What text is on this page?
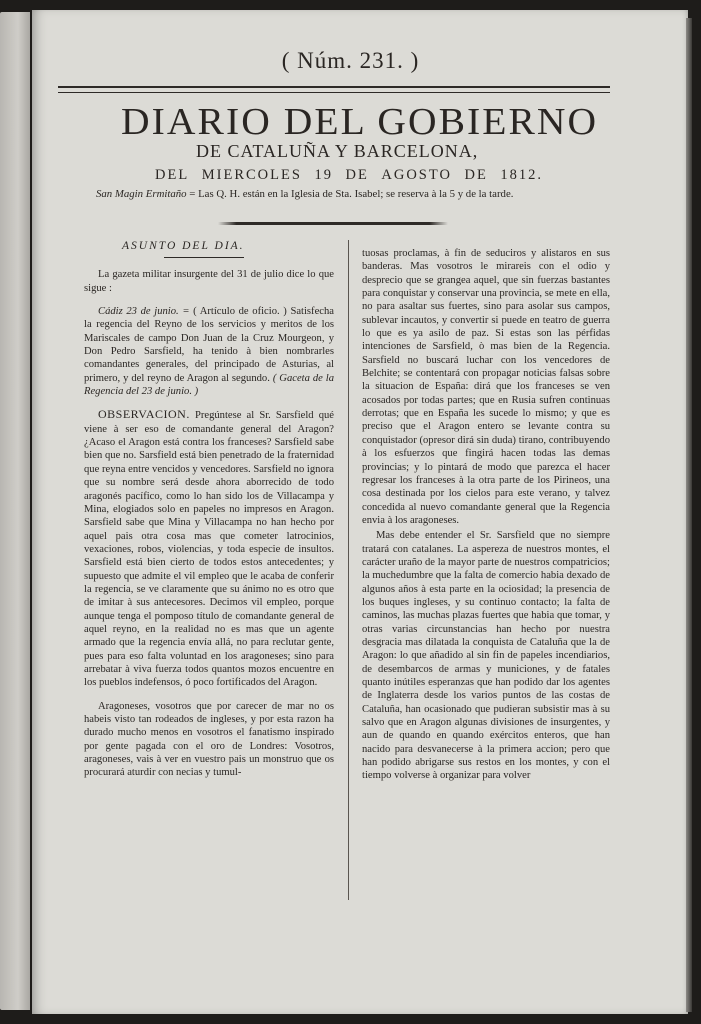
( Núm. 231. )
DIARIO DEL GOBIERNO
DE CATALUÑA Y BARCELONA,
DEL MIERCOLES 19 DE AGOSTO DE 1812.
San Magin Ermitaño = Las Q. H. están en la Iglesia de Sta. Isabel; se reserva à la 5 y de la tarde.
ASUNTO DEL DIA.

La gazeta militar insurgente del 31 de julio dice lo que sigue :

Cádiz 23 de junio. = ( Artículo de oficio. ) Satisfecha la regencia del Reyno de los servicios y meritos de los Mariscales de campo Don Juan de la Cruz Mourgeon, y Don Pedro Sarsfield, ha tenido à bien nombrarles comandantes generales, del principado de Asturias, al primero, y del reyno de Aragon al segundo. ( Gaceta de la Regencia del 23 de junio. )

OBSERVACION. Pregúntese al Sr. Sarsfield qué viene à ser eso de comandante general del Aragon? ¿Acaso el Aragon está contra los franceses? Sarsfield sabe bien que no. Sarsfield está bien penetrado de la fraternidad que reyna entre vencidos y vencedores. Sarsfield no ignora que su nombre será desde ahora aborrecido de todo aragonés pacífico, como lo han sido los de Villacampa y Mina, elogiados solo en papeles no impresos en Aragon. Sarsfield sabe que Mina y Villacampa no han hecho por aquel pais otra cosa mas que cometer latrocinios, vexaciones, robos, violencias, y toda especie de insultos. Sarsfield está bien cierto de todos estos antecedentes; y supuesto que admite el vil empleo que le acaba de conferir la regencia, se ve claramente que su ánimo no es otro que de imitar à sus antecesores. Decimos vil empleo, porque aunque tenga el pomposo título de comandante general de aquel reyno, en la realidad no es mas que un agente armado que la regencia envía allá, no para reclutar gente, pues para eso falta voluntad en los aragoneses; sino para arrebatar à viva fuerza todos quantos mozos encuentre en los pueblos indefensos, ó poco fortificados del Aragon.

Aragoneses, vosotros que por carecer de mar no os habeis visto tan rodeados de ingleses, y por esta razon ha durado mucho menos en vosotros el fanatismo inspirado por gente pagada con el oro de Londres: Vosotros, aragoneses, vais à ver en vuestro pais un monstruo que os procurará aturdir con necias y tumul-

tuosas proclamas, à fin de seduciros y alistaros en sus banderas. Mas vosotros le mirareis con el odio y desprecio que se grangea aquel, que sin fuerzas bastantes para conquistar y conservar una provincia, se mete en ella, no para asaltar sus fuertes, sino para asolar sus campos, sublevar incautos, y convertir si puede en teatro de guerra lo que es ya asilo de paz. Si estas son las pérfidas intenciones de Sarsfield, ò mas bien de la Regencia. Sarsfield no buscará luchar con los vencedores de Belchite; se contentará con propagar noticias falsas sobre la situacion de España: dirá que los franceses se ven acosados por todas partes; que en Rusia sufren continuas derrotas; que en España les sucede lo mismo; y que es preciso que el Aragon entero se levante contra su conquistador (opresor dirá sin duda) tirano, contribuyendo à los esfuerzos que fingirá hacen todas las demas provincias; y lo pintará de modo que parezca el hacer regresar los franceses à la otra parte de los Pirineos, una cosa destinada por los cielos para este verano, y talvez concedida al nuevo comandante general que la Regencia envia à los aragoneses.

Mas debe entender el Sr. Sarsfield que no siempre tratará con catalanes. La aspereza de nuestros montes, el carácter uraño de la mayor parte de nuestros compatricios; la muchedumbre que la falta de comercio habia dexado de algunos años à esta parte en la ociosidad; la presencia de los buques ingleses, y su continuo contacto; la falta de caminos, las muchas plazas fuertes que habia que tomar, y otras varias circunstancias han hecho por nuestra desgracia mas dilatada la conquista de Cataluña que la de Aragon: lo que añadido al sin fin de papeles incendiarios, de desembarcos de armas y municiones, y de fatales quanto inútiles esperanzas que han podido dar los agentes de Inglaterra desde los varios puntos de las costas de Cataluña, han ocasionado que pudieran subsistir mas à su salvo que en Aragon algunas divisiones de insurgentes, y aun de quando en quando exércitos enteros, que han nacido para desvanecerse à la primera accion; pero que han podido abrigarse sus restos en los montes, y con el tiempo volverse à organizar para volver
